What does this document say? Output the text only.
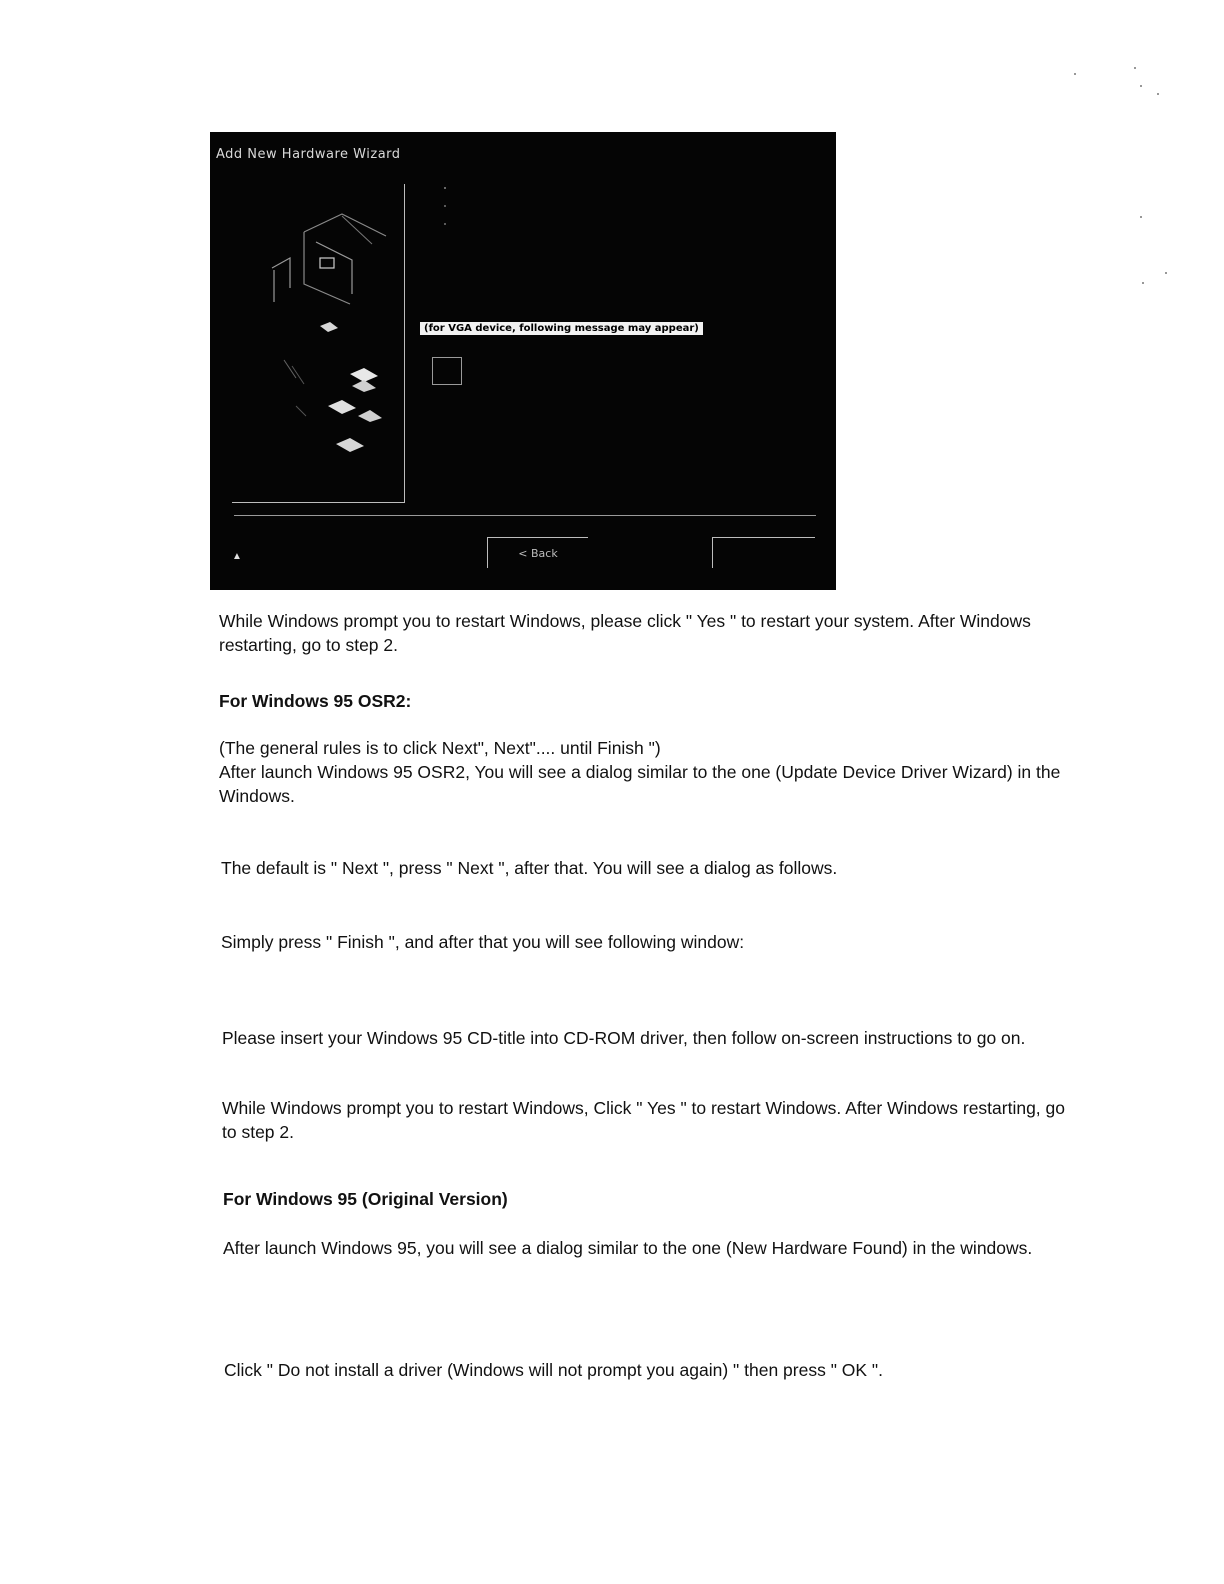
Add New Hardware Wizard
(for VGA device, following message may appear)
▲	< Back

While Windows prompt you to restart Windows, please click " Yes " to restart your system. After Windows restarting, go to step 2.

For Windows 95 OSR2:

(The general rules is to click Next", Next".... until Finish ")

After launch Windows 95 OSR2, You will see a dialog similar to the one (Update Device Driver Wizard) in the Windows.

The default is " Next ", press " Next ", after that. You will see a dialog as follows.

Simply press " Finish ", and after that you will see following window:

Please insert your Windows 95 CD-title into CD-ROM driver, then follow on-screen instructions to go on.

While Windows prompt you to restart Windows, Click " Yes " to restart Windows. After Windows restarting, go to step 2.

For Windows 95 (Original Version)

After launch Windows 95, you will see a dialog similar to the one (New Hardware Found) in the windows.

Click " Do not install a driver (Windows will not prompt you again) " then press " OK ".
